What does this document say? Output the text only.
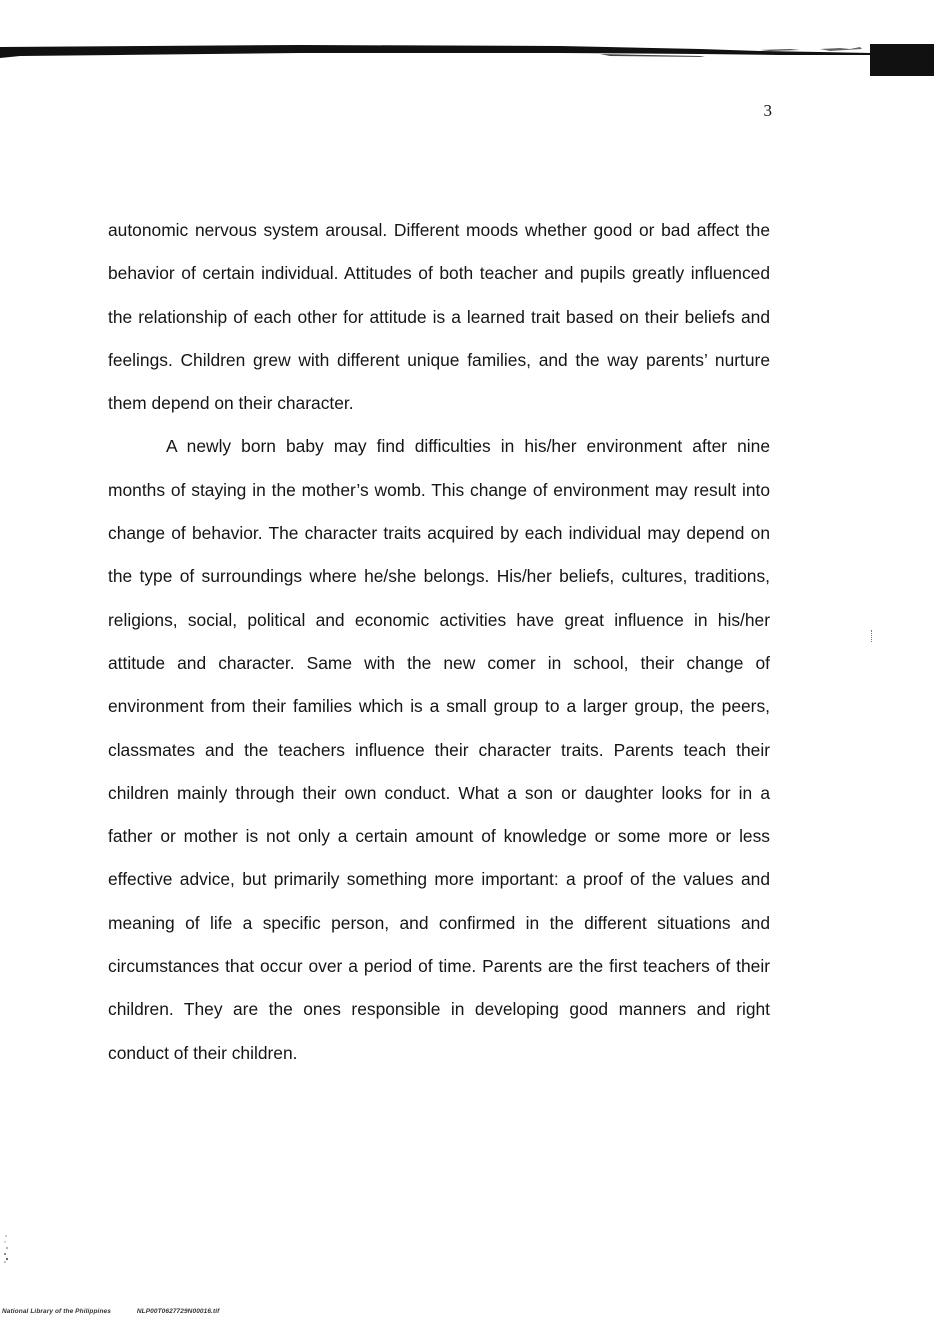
3

autonomic nervous system arousal. Different moods whether good or bad affect the behavior of certain individual. Attitudes of both teacher and pupils greatly influenced the relationship of each other for attitude is a learned trait based on their beliefs and feelings. Children grew with different unique families, and the way parents’ nurture them depend on their character.

A newly born baby may find difficulties in his/her environment after nine months of staying in the mother’s womb. This change of environment may result into change of behavior. The character traits acquired by each individual may depend on the type of surroundings where he/she belongs. His/her beliefs, cultures, traditions, religions, social, political and economic activities have great influence in his/her attitude and character. Same with the new comer in school, their change of environment from their families which is a small group to a larger group, the peers, classmates and the teachers influence their character traits. Parents teach their children mainly through their own conduct. What a son or daughter looks for in a father or mother is not only a certain amount of knowledge or some more or less effective advice, but primarily something more important: a proof of the values and meaning of life a specific person, and confirmed in the different situations and circumstances that occur over a period of time. Parents are the first teachers of their children. They are the ones responsible in developing good manners and right conduct of their children.

National Library of the Philippines	NLP00T0627729N00016.tif
